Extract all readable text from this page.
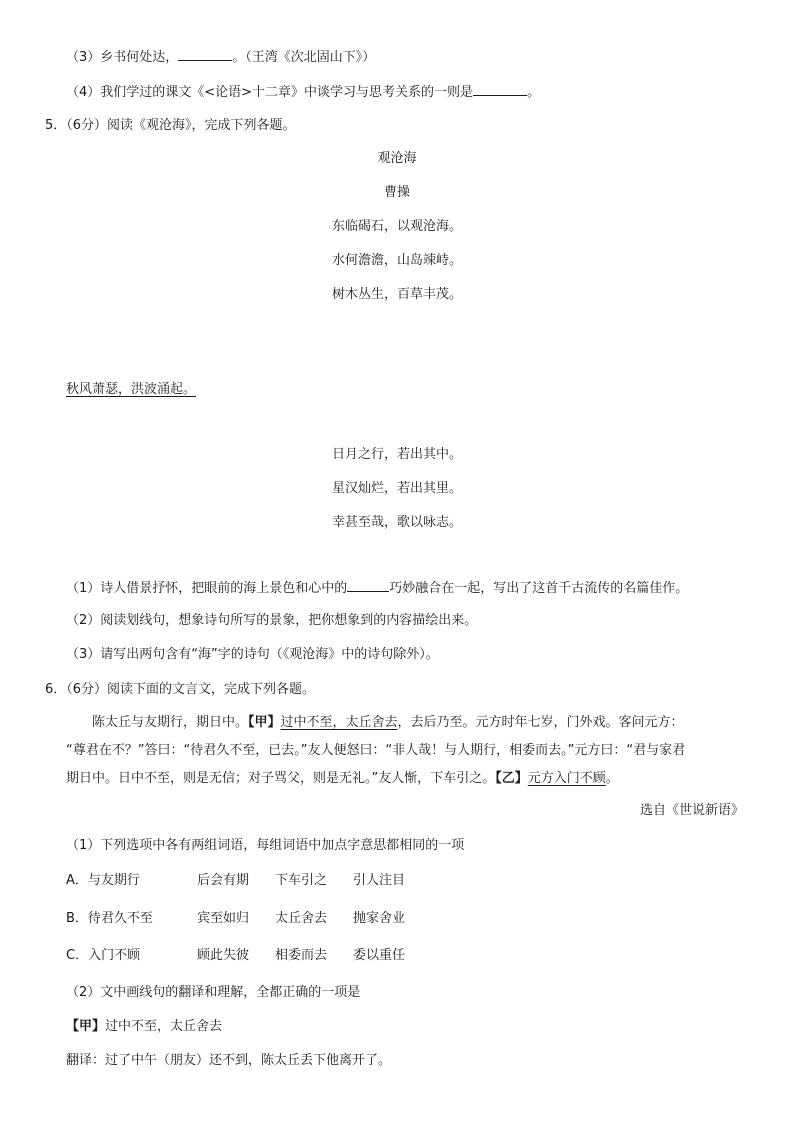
（3）乡书何处达，	。（王湾《次北固山下》）
（4）我们学过的课文《<论语>十二章》中谈学习与思考关系的一则是	。
5．（6分）阅读《观沧海》，完成下列各题。
观沧海
曹操
东临碣石，以观沧海。
水何澹澹，山岛竦峙。
树木丛生，百草丰茂。
秋风萧瑟，洪波涌起。
日月之行，若出其中。
星汉灿烂，若出其里。
幸甚至哉，歌以咏志。
（1）诗人借景抒怀，把眼前的海上景色和心中的	巧妙融合在一起，写出了这首千古流传的名篇佳作。
（2）阅读划线句，想象诗句所写的景象，把你想象到的内容描绘出来。
（3）请写出两句含有“海”字的诗句（《观沧海》中的诗句除外）。
6．（6分）阅读下面的文言文，完成下列各题。
陈太丘与友期行，期日中。【甲】过中不至，太丘舍去，去后乃至。元方时年七岁，门外戏。客问元方：
“尊君在不？”答曰：“待君久不至，已去。”友人便怒曰：“非人哉！与人期行，相委而去。”元方曰：“君与家君
期日中。日中不至，则是无信；对子骂父，则是无礼。”友人惭，下车引之。【乙】元方入门不顾。
选自《世说新语》
（1）下列选项中各有两组词语，每组词语中加点字意思都相同的一项
A．与友期行	后会有期 下车引之 引人注目
B．待君久不至	宾至如归 太丘舍去 抛家舍业
C．入门不顾	顾此失彼 相委而去 委以重任
（2）文中画线句的翻译和理解，全都正确的一项是
【甲】过中不至，太丘舍去
翻译：过了中午（朋友）还不到，陈太丘丢下他离开了。
